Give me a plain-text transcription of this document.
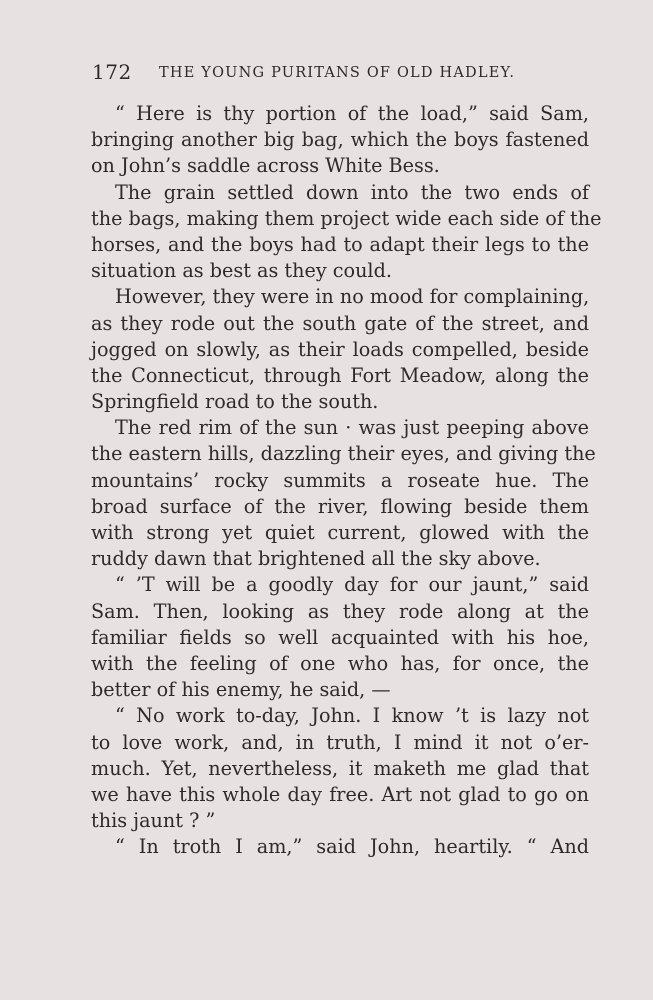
172 THE YOUNG PURITANS OF OLD HADLEY.
“ Here is thy portion of the load,” said Sam,
bringing another big bag, which the boys fastened
on John’s saddle across White Bess.
The grain settled down into the two ends of
the bags, making them project wide each side of the
horses, and the boys had to adapt their legs to the
situation as best as they could.
However, they were in no mood for complaining,
as they rode out the south gate of the street, and
jogged on slowly, as their loads compelled, beside
the Connecticut, through Fort Meadow, along the
Springfield road to the south.
The red rim of the sun · was just peeping above
the eastern hills, dazzling their eyes, and giving the
mountains’ rocky summits a roseate hue. The
broad surface of the river, flowing beside them
with strong yet quiet current, glowed with the
ruddy dawn that brightened all the sky above.
“ ’T will be a goodly day for our jaunt,” said
Sam. Then, looking as they rode along at the
familiar fields so well acquainted with his hoe,
with the feeling of one who has, for once, the
better of his enemy, he said, —
“ No work to-day, John. I know ’t is lazy not
to love work, and, in truth, I mind it not o’er-
much. Yet, nevertheless, it maketh me glad that
we have this whole day free. Art not glad to go on
this jaunt ? ”
“ In troth I am,” said John, heartily. “ And
